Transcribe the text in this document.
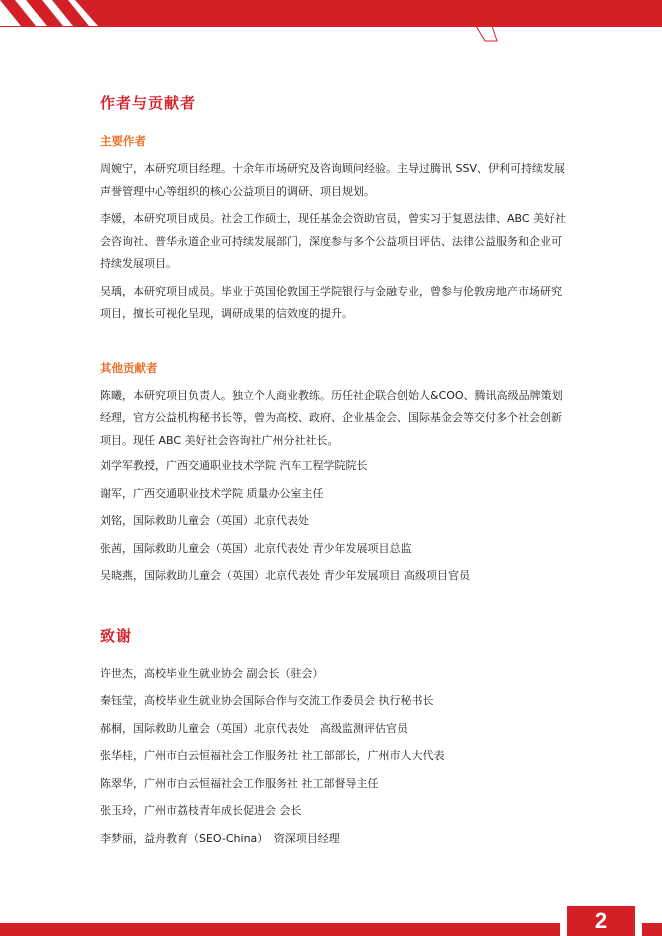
作者与贡献者
主要作者
周婉宁，本研究项目经理。十余年市场研究及咨询顾问经验。主导过腾讯 SSV、伊利可持续发展声誉管理中心等组织的核心公益项目的调研、项目规划。
李媛，本研究项目成员。社会工作硕士，现任基金会资助官员，曾实习于复恩法律、ABC 美好社会咨询社、普华永道企业可持续发展部门，深度参与多个公益项目评估、法律公益服务和企业可持续发展项目。
吴瑀，本研究项目成员。毕业于英国伦敦国王学院银行与金融专业，曾参与伦敦房地产市场研究项目，擅长可视化呈现，调研成果的信效度的提升。
其他贡献者
陈曦，本研究项目负责人。独立个人商业教练。历任社企联合创始人&COO、腾讯高级品牌策划经理，官方公益机构秘书长等，曾为高校、政府、企业基金会、国际基金会等交付多个社会创新项目。现任 ABC 美好社会咨询社广州分社社长。
刘学军教授，广西交通职业技术学院 汽车工程学院院长
谢军，广西交通职业技术学院 质量办公室主任
刘铭，国际救助儿童会（英国）北京代表处
张茜，国际救助儿童会（英国）北京代表处 青少年发展项目总监
吴晓燕，国际救助儿童会（英国）北京代表处 青少年发展项目 高级项目官员
致谢
许世杰，高校毕业生就业协会 副会长（驻会）
秦钰莹，高校毕业生就业协会国际合作与交流工作委员会 执行秘书长
郝桐，国际救助儿童会（英国）北京代表处　高级监测评估官员
张华桂，广州市白云恒福社会工作服务社 社工部部长，广州市人大代表
陈翠华，广州市白云恒福社会工作服务社 社工部督导主任
张玉玲，广州市荔枝青年成长促进会 会长
李梦丽，益舟教育（SEO-China）　资深项目经理
2
